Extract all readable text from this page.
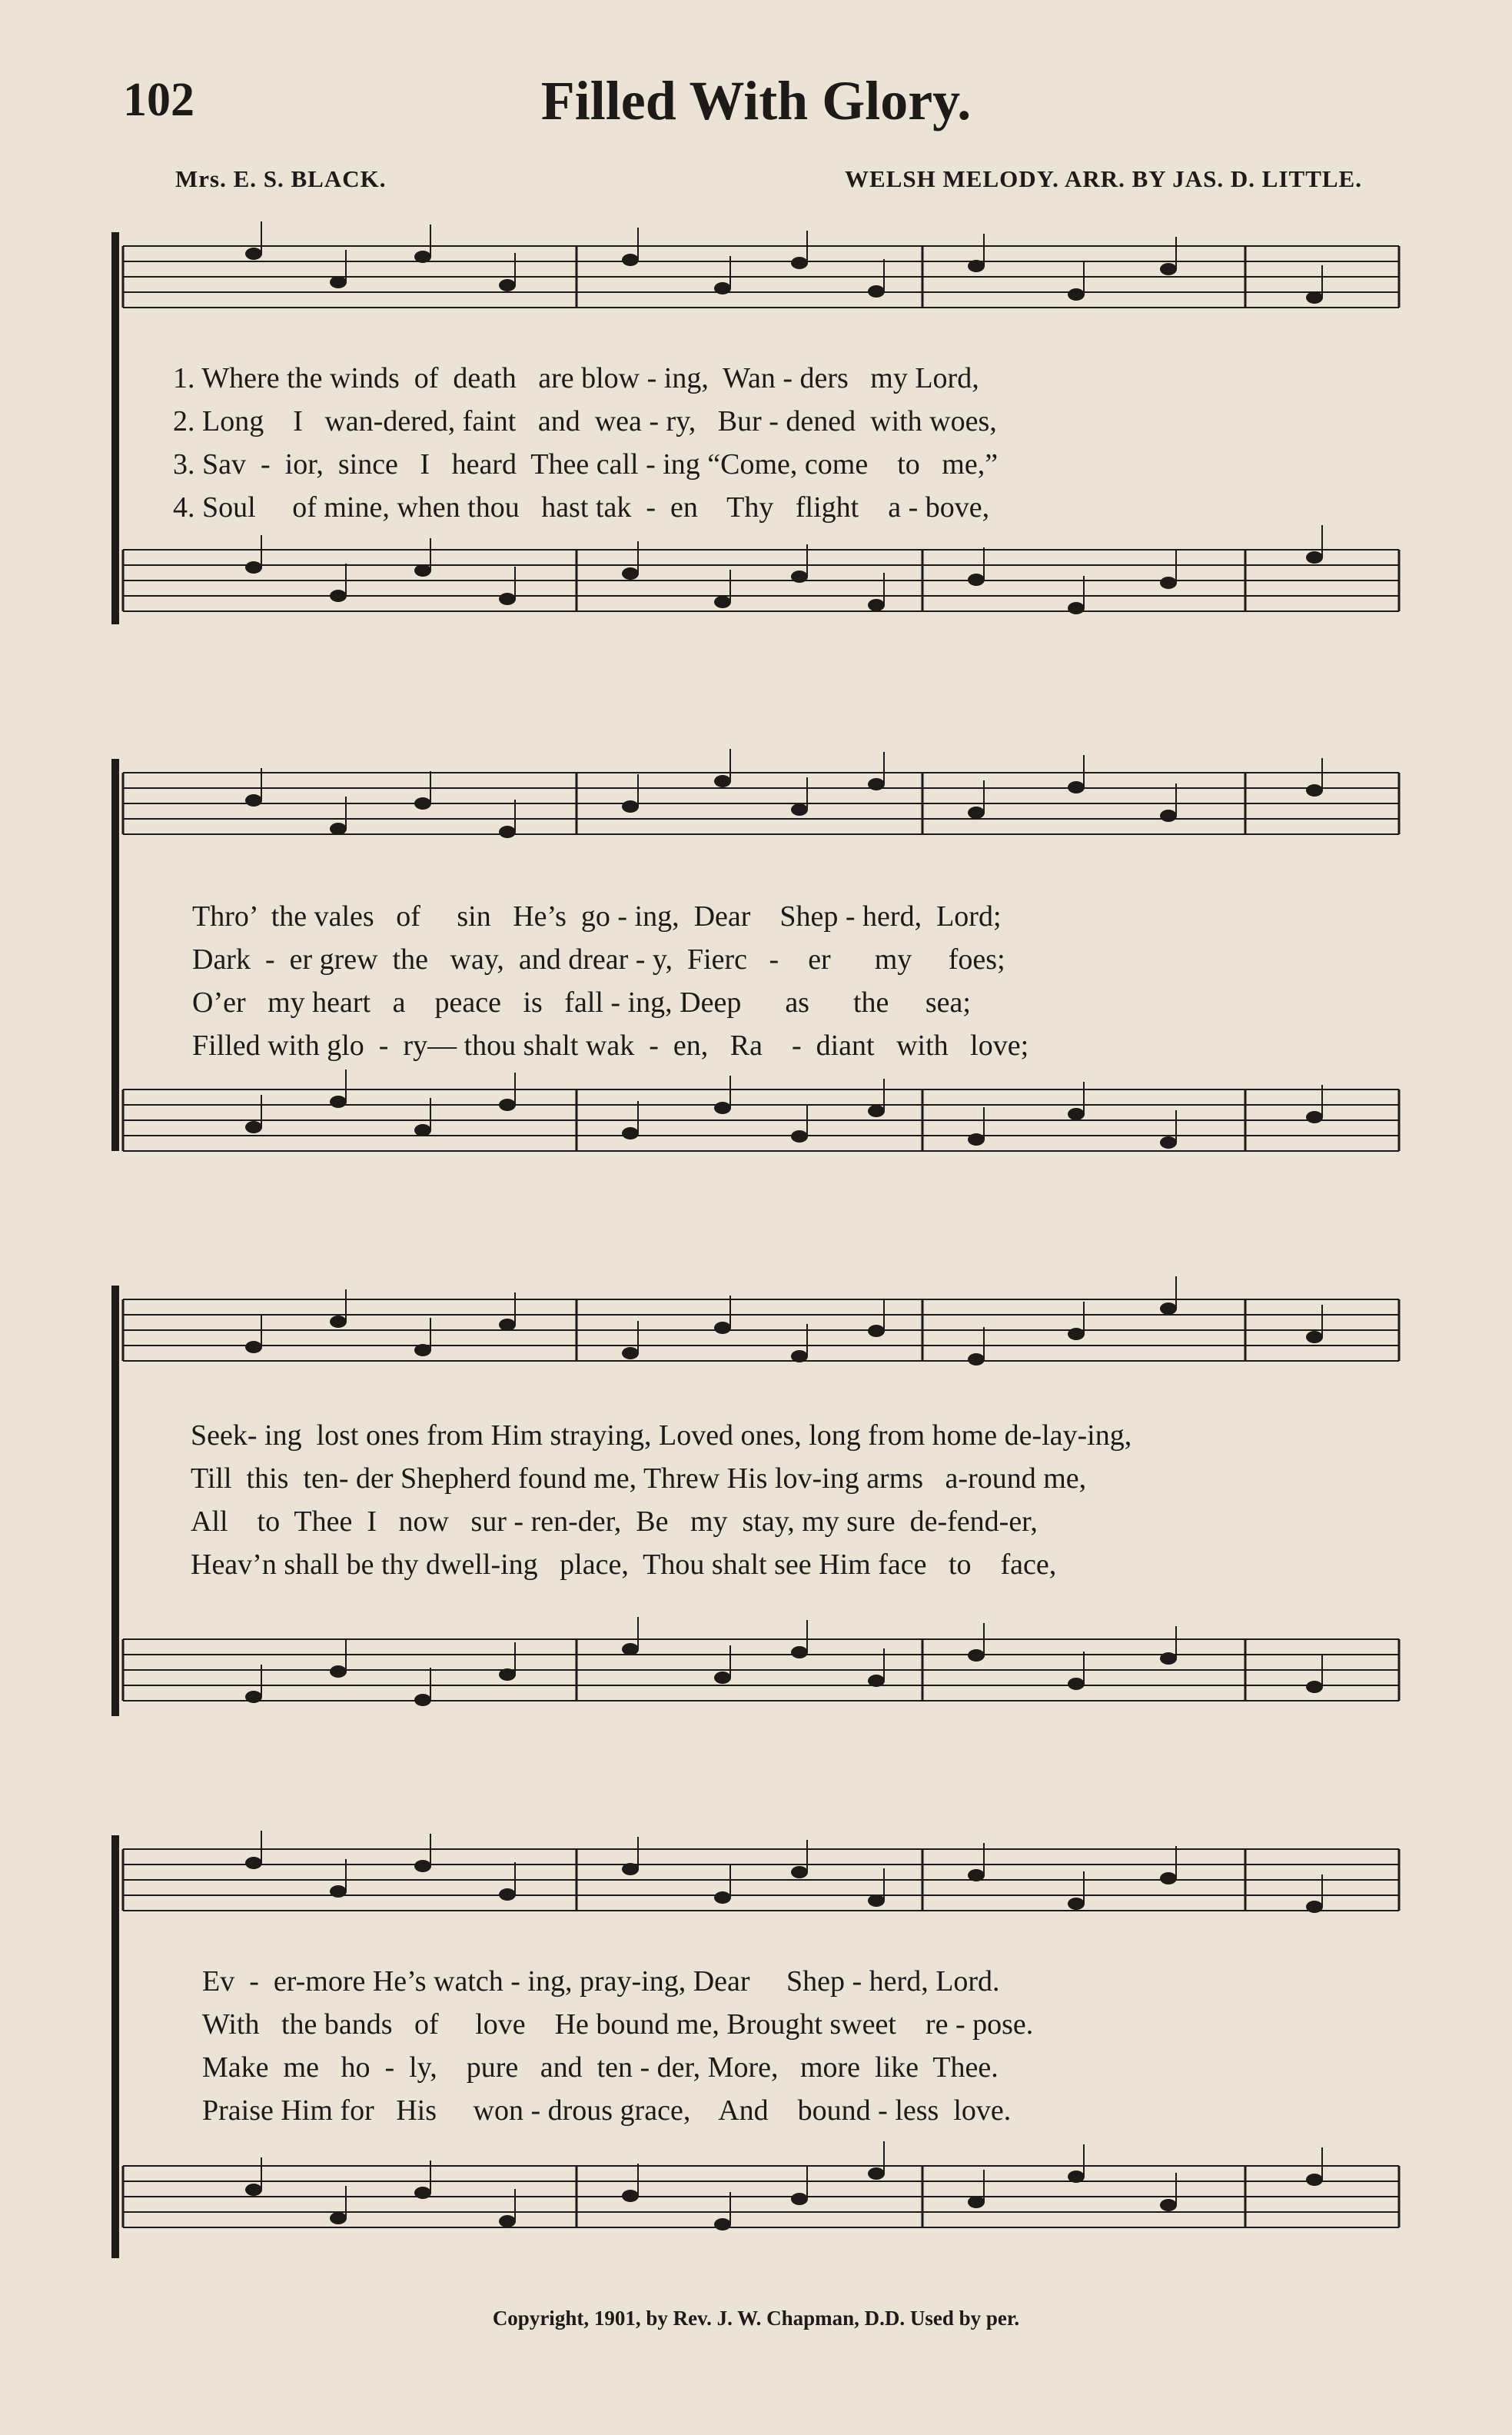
102	Filled With Glory.
Mrs. E. S. BLACK.	WELSH MELODY. ARR. BY JAS. D. LITTLE.
1. Where the winds  of  death   are blow - ing,  Wan - ders   my Lord,
2. Long    I   wan-dered, faint   and  wea - ry,   Bur - dened  with woes,
3. Sav  -  ior,  since   I   heard  Thee call - ing “Come, come    to   me,”
4. Soul     of mine, when thou   hast tak  -  en    Thy   flight    a - bove,
Thro’  the vales   of     sin   He’s  go - ing,  Dear    Shep - herd,  Lord;
Dark  -  er grew  the   way,  and drear - y,  Fierc   -    er      my     foes;
O’er   my heart   a    peace   is   fall - ing, Deep      as      the     sea;
Filled with glo  -  ry— thou shalt wak  -  en,   Ra    -  diant   with   love;
Seek- ing  lost ones from Him straying, Loved ones, long from home de-lay-ing,
Till  this  ten- der Shepherd found me, Threw His lov-ing arms   a-round me,
All    to  Thee  I   now   sur - ren-der,  Be   my  stay, my sure  de-fend-er,
Heav’n shall be thy dwell-ing   place,  Thou shalt see Him face   to    face,
Ev  -  er-more He’s watch - ing, pray-ing, Dear     Shep - herd, Lord.
With   the bands   of     love    He bound me, Brought sweet    re - pose.
Make  me   ho  -  ly,    pure   and  ten - der, More,   more  like  Thee.
Praise Him for   His     won - drous grace,    And    bound - less  love.
Copyright, 1901, by Rev. J. W. Chapman, D.D. Used by per.
